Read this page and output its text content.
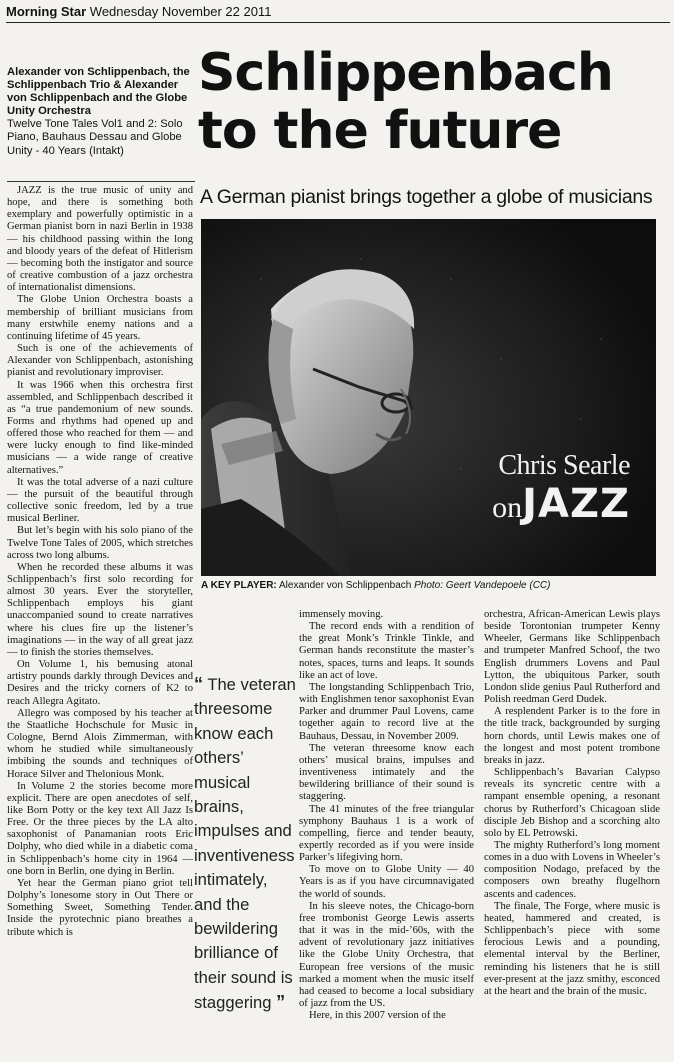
Morning Star Wednesday November 22 2011
Alexander von Schlippenbach, the Schlippenbach Trio & Alexander von Schlippenbach and the Globe Unity Orchestra
Twelve Tone Tales Vol1 and 2: Solo Piano, Bauhaus Dessau and Globe Unity - 40 Years (Intakt)
Schlippenbach
to the future
A German pianist brings together a globe of musicians
Chris Searle
onJAZZ
A KEY PLAYER: Alexander von Schlippenbach Photo: Geert Vandepoele (CC)

JAZZ is the true music of unity and hope, and there is something both exemplary and powerfully optimistic in a German pianist born in nazi Berlin in 1938 — his childhood passing within the long and bloody years of the defeat of Hitlerism — becoming both the instigator and source of creative combustion of a jazz orchestra of internationalist dimensions.

The Globe Union Orchestra boasts a membership of brilliant musicians from many erstwhile enemy nations and a continuing lifetime of 45 years.

Such is one of the achievements of Alexander von Schlippenbach, astonishing pianist and revolutionary improviser.

It was 1966 when this orchestra first assembled, and Schlippenbach described it as “a true pandemonium of new sounds. Forms and rhythms had opened up and offered those who reached for them — and were lucky enough to find like-minded musicians — a wide range of creative alternatives.”

It was the total adverse of a nazi culture — the pursuit of the beautiful through collective sonic freedom, led by a true musical Berliner.

But let’s begin with his solo piano of the Twelve Tone Tales of 2005, which stretches across two long albums.

When he recorded these albums it was Schlippenbach’s first solo recording for almost 30 years. Ever the storyteller, Schlippenbach employs his giant unaccompanied sound to create narratives where his clues fire up the listener’s imaginations — in the way of all great jazz — to finish the stories themselves.

On Volume 1, his bemusing atonal artistry pounds darkly through Devices and Desires and the tricky corners of K2 to reach Allegra Agitato.

Allegro was composed by his teacher at the Staatliche Hochschule for Music in Cologne, Bernd Alois Zimmerman, with whom he studied while simultaneously imbibing the sounds and techniques of Horace Silver and Thelonious Monk.

In Volume 2 the stories become more explicit. There are open anecdotes of self, like Born Potty or the key text All Jazz Is Free. Or the three pieces by the LA alto saxophonist of Panamanian roots Eric Dolphy, who died while in a diabetic coma in Schlippenbach’s home city in 1964 — one born in Berlin, one dying in Berlin.

Yet hear the German piano griot tell Dolphy’s lonesome story in Out There or Something Sweet, Something Tender. Inside the pyrotechnic piano breathes a tribute which is

“ The veteran threesome know each others’ musical brains, impulses and inventiveness intimately, and the bewildering brilliance of their sound is staggering ”

immensely moving.

The record ends with a rendition of the great Monk’s Trinkle Tinkle, and German hands reconstitute the master’s notes, spaces, turns and leaps. It sounds like an act of love.

The longstanding Schlippenbach Trio, with Englishmen tenor saxophonist Evan Parker and drummer Paul Lovens, came together again to record live at the Bauhaus, Dessau, in November 2009.

The veteran threesome know each others’ musical brains, impulses and inventiveness intimately and the bewildering brilliance of their sound is staggering.

The 41 minutes of the free triangular symphony Bauhaus 1 is a work of compelling, fierce and tender beauty, expertly recorded as if you were inside Parker’s lifegiving horn.

To move on to Globe Unity — 40 Years is as if you have circumnavigated the world of sounds.

In his sleeve notes, the Chicago-born free trombonist George Lewis asserts that it was in the mid-’60s, with the advent of revolutionary jazz initiatives like the Globe Unity Orchestra, that European free versions of the music marked a moment when the music itself had ceased to become a local subsidiary of jazz from the US.

Here, in this 2007 version of the

orchestra, African-American Lewis plays beside Torontonian trumpeter Kenny Wheeler, Germans like Schlippenbach and trumpeter Manfred Schoof, the two English drummers Lovens and Paul Lytton, the ubiquitous Parker, south London slide genius Paul Rutherford and Polish reedman Gerd Dudek.

A resplendent Parker is to the fore in the title track, backgrounded by surging horn chords, until Lewis makes one of the longest and most potent trombone breaks in jazz.

Schlippenbach’s Bavarian Calypso reveals its syncretic centre with a rampant ensemble opening, a resonant chorus by Rutherford’s Chicagoan slide disciple Jeb Bishop and a scorching alto solo by EL Petrowski.

The mighty Rutherford’s long moment comes in a duo with Lovens in Wheeler’s composition Nodago, prefaced by the composers own breathy flugelhorn ascents and cadences.

The finale, The Forge, where music is heated, hammered and created, is Schlippenbach’s piece with some ferocious Lewis and a pounding, elemental interval by the Berliner, reminding his listeners that he is still ever-present at the jazz smithy, esconced at the heart and the brain of the music.
